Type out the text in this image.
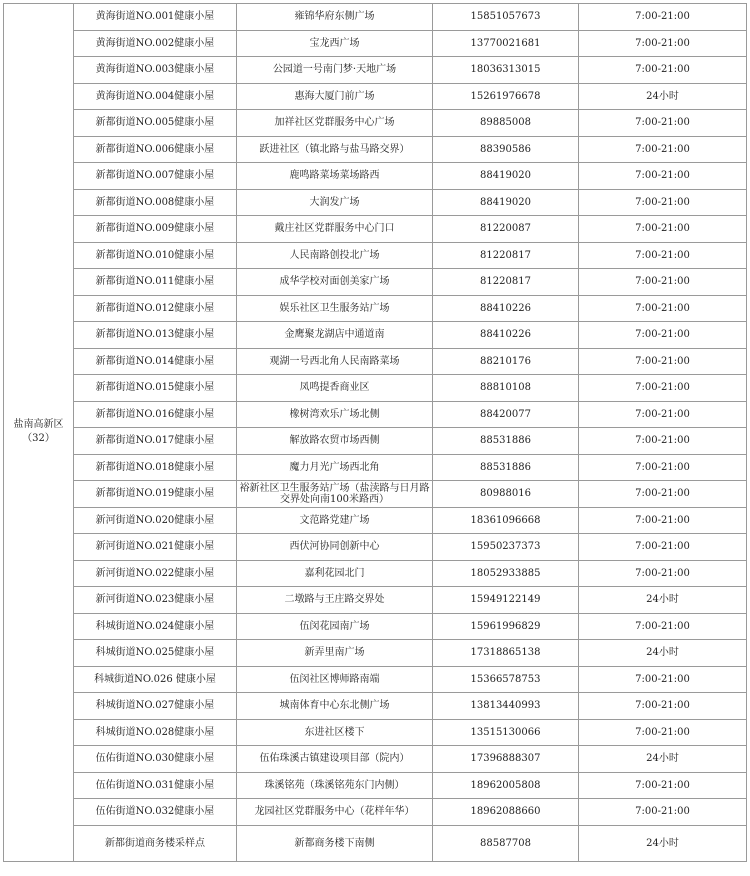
盐南高新区
（32）	黄海街道NO.001健康小屋	雍锦华府东侧广场	15851057673	7:00-21:00
	黄海街道NO.002健康小屋	宝龙西广场	13770021681	7:00-21:00
	黄海街道NO.003健康小屋	公园道一号南门梦·天地广场	18036313015	7:00-21:00
	黄海街道NO.004健康小屋	惠海大厦门前广场	15261976678	24小时
	新都街道NO.005健康小屋	加祥社区党群服务中心广场	89885008	7:00-21:00
	新都街道NO.006健康小屋	跃进社区（镇北路与盐马路交界）	88390586	7:00-21:00
	新都街道NO.007健康小屋	鹿鸣路菜场菜场路西	88419020	7:00-21:00
	新都街道NO.008健康小屋	大润发广场	88419020	7:00-21:00
	新都街道NO.009健康小屋	戴庄社区党群服务中心门口	81220087	7:00-21:00
	新都街道NO.010健康小屋	人民南路创投北广场	81220817	7:00-21:00
	新都街道NO.011健康小屋	成华学校对面创美家广场	81220817	7:00-21:00
	新都街道NO.012健康小屋	娱乐社区卫生服务站广场	88410226	7:00-21:00
	新都街道NO.013健康小屋	金鹰聚龙湖店中通道南	88410226	7:00-21:00
	新都街道NO.014健康小屋	观湖一号西北角人民南路菜场	88210176	7:00-21:00
	新都街道NO.015健康小屋	凤鸣提香商业区	88810108	7:00-21:00
	新都街道NO.016健康小屋	橡树湾欢乐广场北侧	88420077	7:00-21:00
	新都街道NO.017健康小屋	解放路农贸市场西侧	88531886	7:00-21:00
	新都街道NO.018健康小屋	魔力月光广场西北角	88531886	7:00-21:00
	新都街道NO.019健康小屋	裕新社区卫生服务站广场（盐渎路与日月路交界处向南100米路西）	80988016	7:00-21:00
	新河街道NO.020健康小屋	文范路党建广场	18361096668	7:00-21:00
	新河街道NO.021健康小屋	西伏河协同创新中心	15950237373	7:00-21:00
	新河街道NO.022健康小屋	嘉利花园北门	18052933885	7:00-21:00
	新河街道NO.023健康小屋	二墩路与王庄路交界处	15949122149	24小时
	科城街道NO.024健康小屋	伍闵花园南广场	15961996829	7:00-21:00
	科城街道NO.025健康小屋	新弄里南广场	17318865138	24小时
	科城街道NO.026 健康小屋	伍闵社区博师路南端	15366578753	7:00-21:00
	科城街道NO.027健康小屋	城南体育中心东北侧广场	13813440993	7:00-21:00
	科城街道NO.028健康小屋	东进社区楼下	13515130066	7:00-21:00
	伍佑街道NO.030健康小屋	伍佑珠溪古镇建设项目部（院内）	17396888307	24小时
	伍佑街道NO.031健康小屋	珠溪铭苑（珠溪铭苑东门内侧）	18962005808	7:00-21:00
	伍佑街道NO.032健康小屋	龙园社区党群服务中心（花样年华）	18962088660	7:00-21:00
	新都街道商务楼采样点	新都商务楼下南侧	88587708	24小时
